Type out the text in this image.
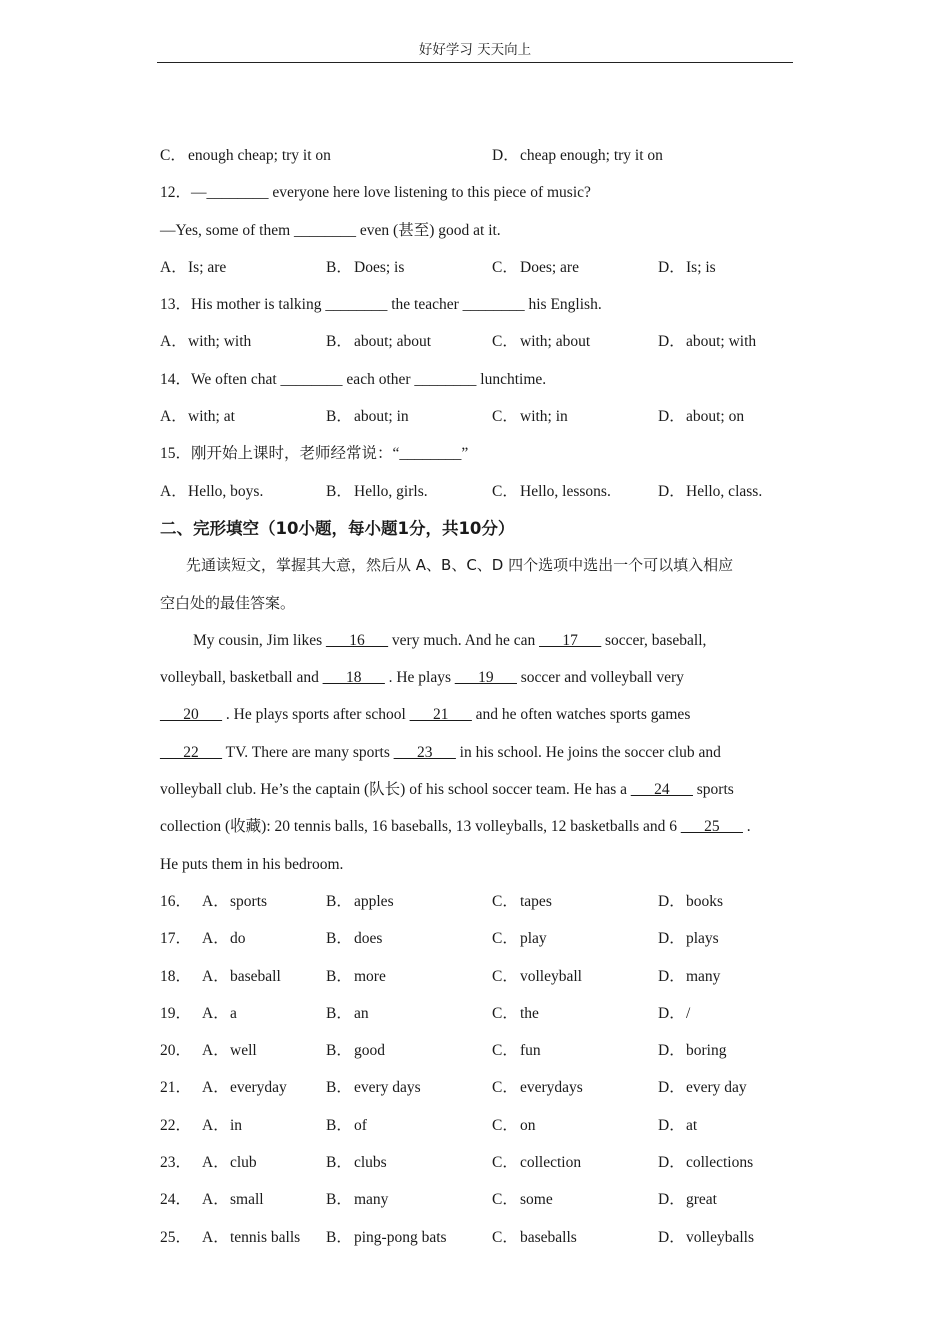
好好学习 天天向上
C． enough cheap; try it on	D．cheap enough; try it on
12．—________ everyone here love listening to this piece of music?
—Yes, some of them ________ even (甚至) good at it.
A．Is; are	B． Does; is	C． Does; are	D．Is; is
13．His mother is talking ________ the teacher ________ his English.
A．with; with	B． about; about	C． with; about	D．about; with
14．We often chat ________ each other ________ lunchtime.
A．with; at	B． about; in	C． with; in	D．about; on
15．刚开始上课时，老师经常说：“________”
A．Hello, boys.	B． Hello, girls.	C． Hello, lessons.	D．Hello, class.
二、完形填空（10小题，每小题1分，共10分）
先通读短文，掌握其大意，然后从 A、B、C、D 四个选项中选出一个可以填入相应
空白处的最佳答案。
My cousin, Jim likes ___16___ very much. And he can ___17___ soccer, baseball,
volleyball, basketball and ___18___ . He plays ___19___ soccer and volleyball very
___20___ . He plays sports after school ___21___ and he often watches sports games
___22___ TV. There are many sports ___23___ in his school. He joins the soccer club and
volleyball club. He’s the captain (队长) of his school soccer team. He has a ___24___ sports
collection (收藏): 20 tennis balls, 16 baseballs, 13 volleyballs, 12 basketballs and 6 ___25___ .
He puts them in his bedroom.
16． A．sports	B． apples	C． tapes	D．books
17． A．do	B． does	C． play	D．plays
18． A．baseball	B． more	C． volleyball	D．many
19． A．a	B． an	C． the	D．/
20． A．well	B． good	C． fun	D．boring
21． A．everyday	B． every days	C． everydays	D．every day
22． A．in	B． of	C． on	D．at
23． A．club	B． clubs	C． collection	D．collections
24． A．small	B． many	C． some	D．great
25． A．tennis balls B． ping-pong bats	C． baseballs	D．volleyballs
